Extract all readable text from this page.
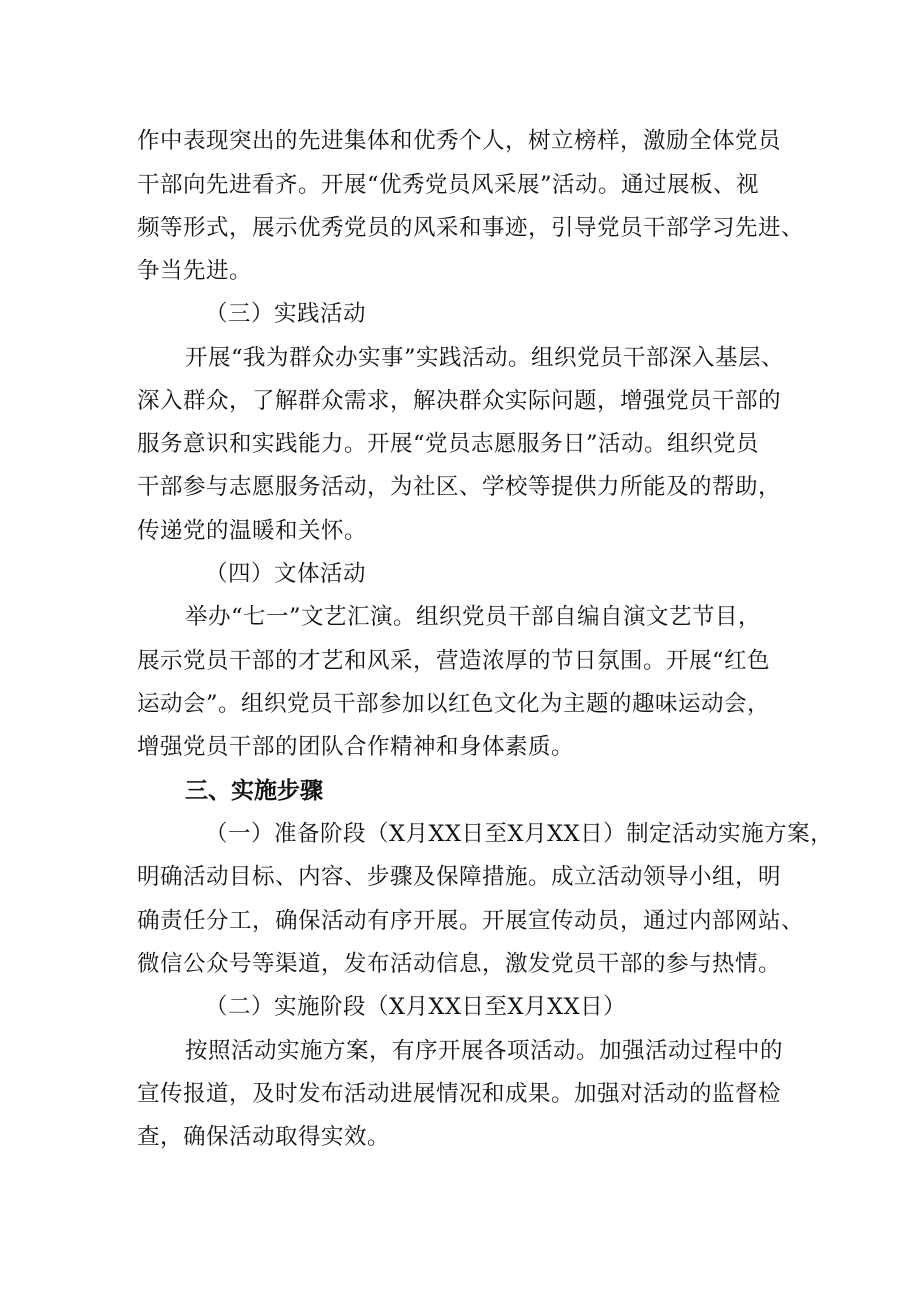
作中表现突出的先进集体和优秀个人，树立榜样，激励全体党员
干部向先进看齐。开展“优秀党员风采展”活动。通过展板、视
频等形式，展示优秀党员的风采和事迹，引导党员干部学习先进、
争当先进。
（三）实践活动
开展“我为群众办实事”实践活动。组织党员干部深入基层、
深入群众，了解群众需求，解决群众实际问题，增强党员干部的
服务意识和实践能力。开展“党员志愿服务日”活动。组织党员
干部参与志愿服务活动，为社区、学校等提供力所能及的帮助，
传递党的温暖和关怀。
（四）文体活动
举办“七一”文艺汇演。组织党员干部自编自演文艺节目，
展示党员干部的才艺和风采，营造浓厚的节日氛围。开展“红色
运动会”。组织党员干部参加以红色文化为主题的趣味运动会，
增强党员干部的团队合作精神和身体素质。
三、实施步骤
（一）准备阶段（X月XX日至X月XX日）制定活动实施方案，
明确活动目标、内容、步骤及保障措施。成立活动领导小组，明
确责任分工，确保活动有序开展。开展宣传动员，通过内部网站、
微信公众号等渠道，发布活动信息，激发党员干部的参与热情。
（二）实施阶段（X月XX日至X月XX日）
按照活动实施方案，有序开展各项活动。加强活动过程中的
宣传报道，及时发布活动进展情况和成果。加强对活动的监督检
查，确保活动取得实效。
